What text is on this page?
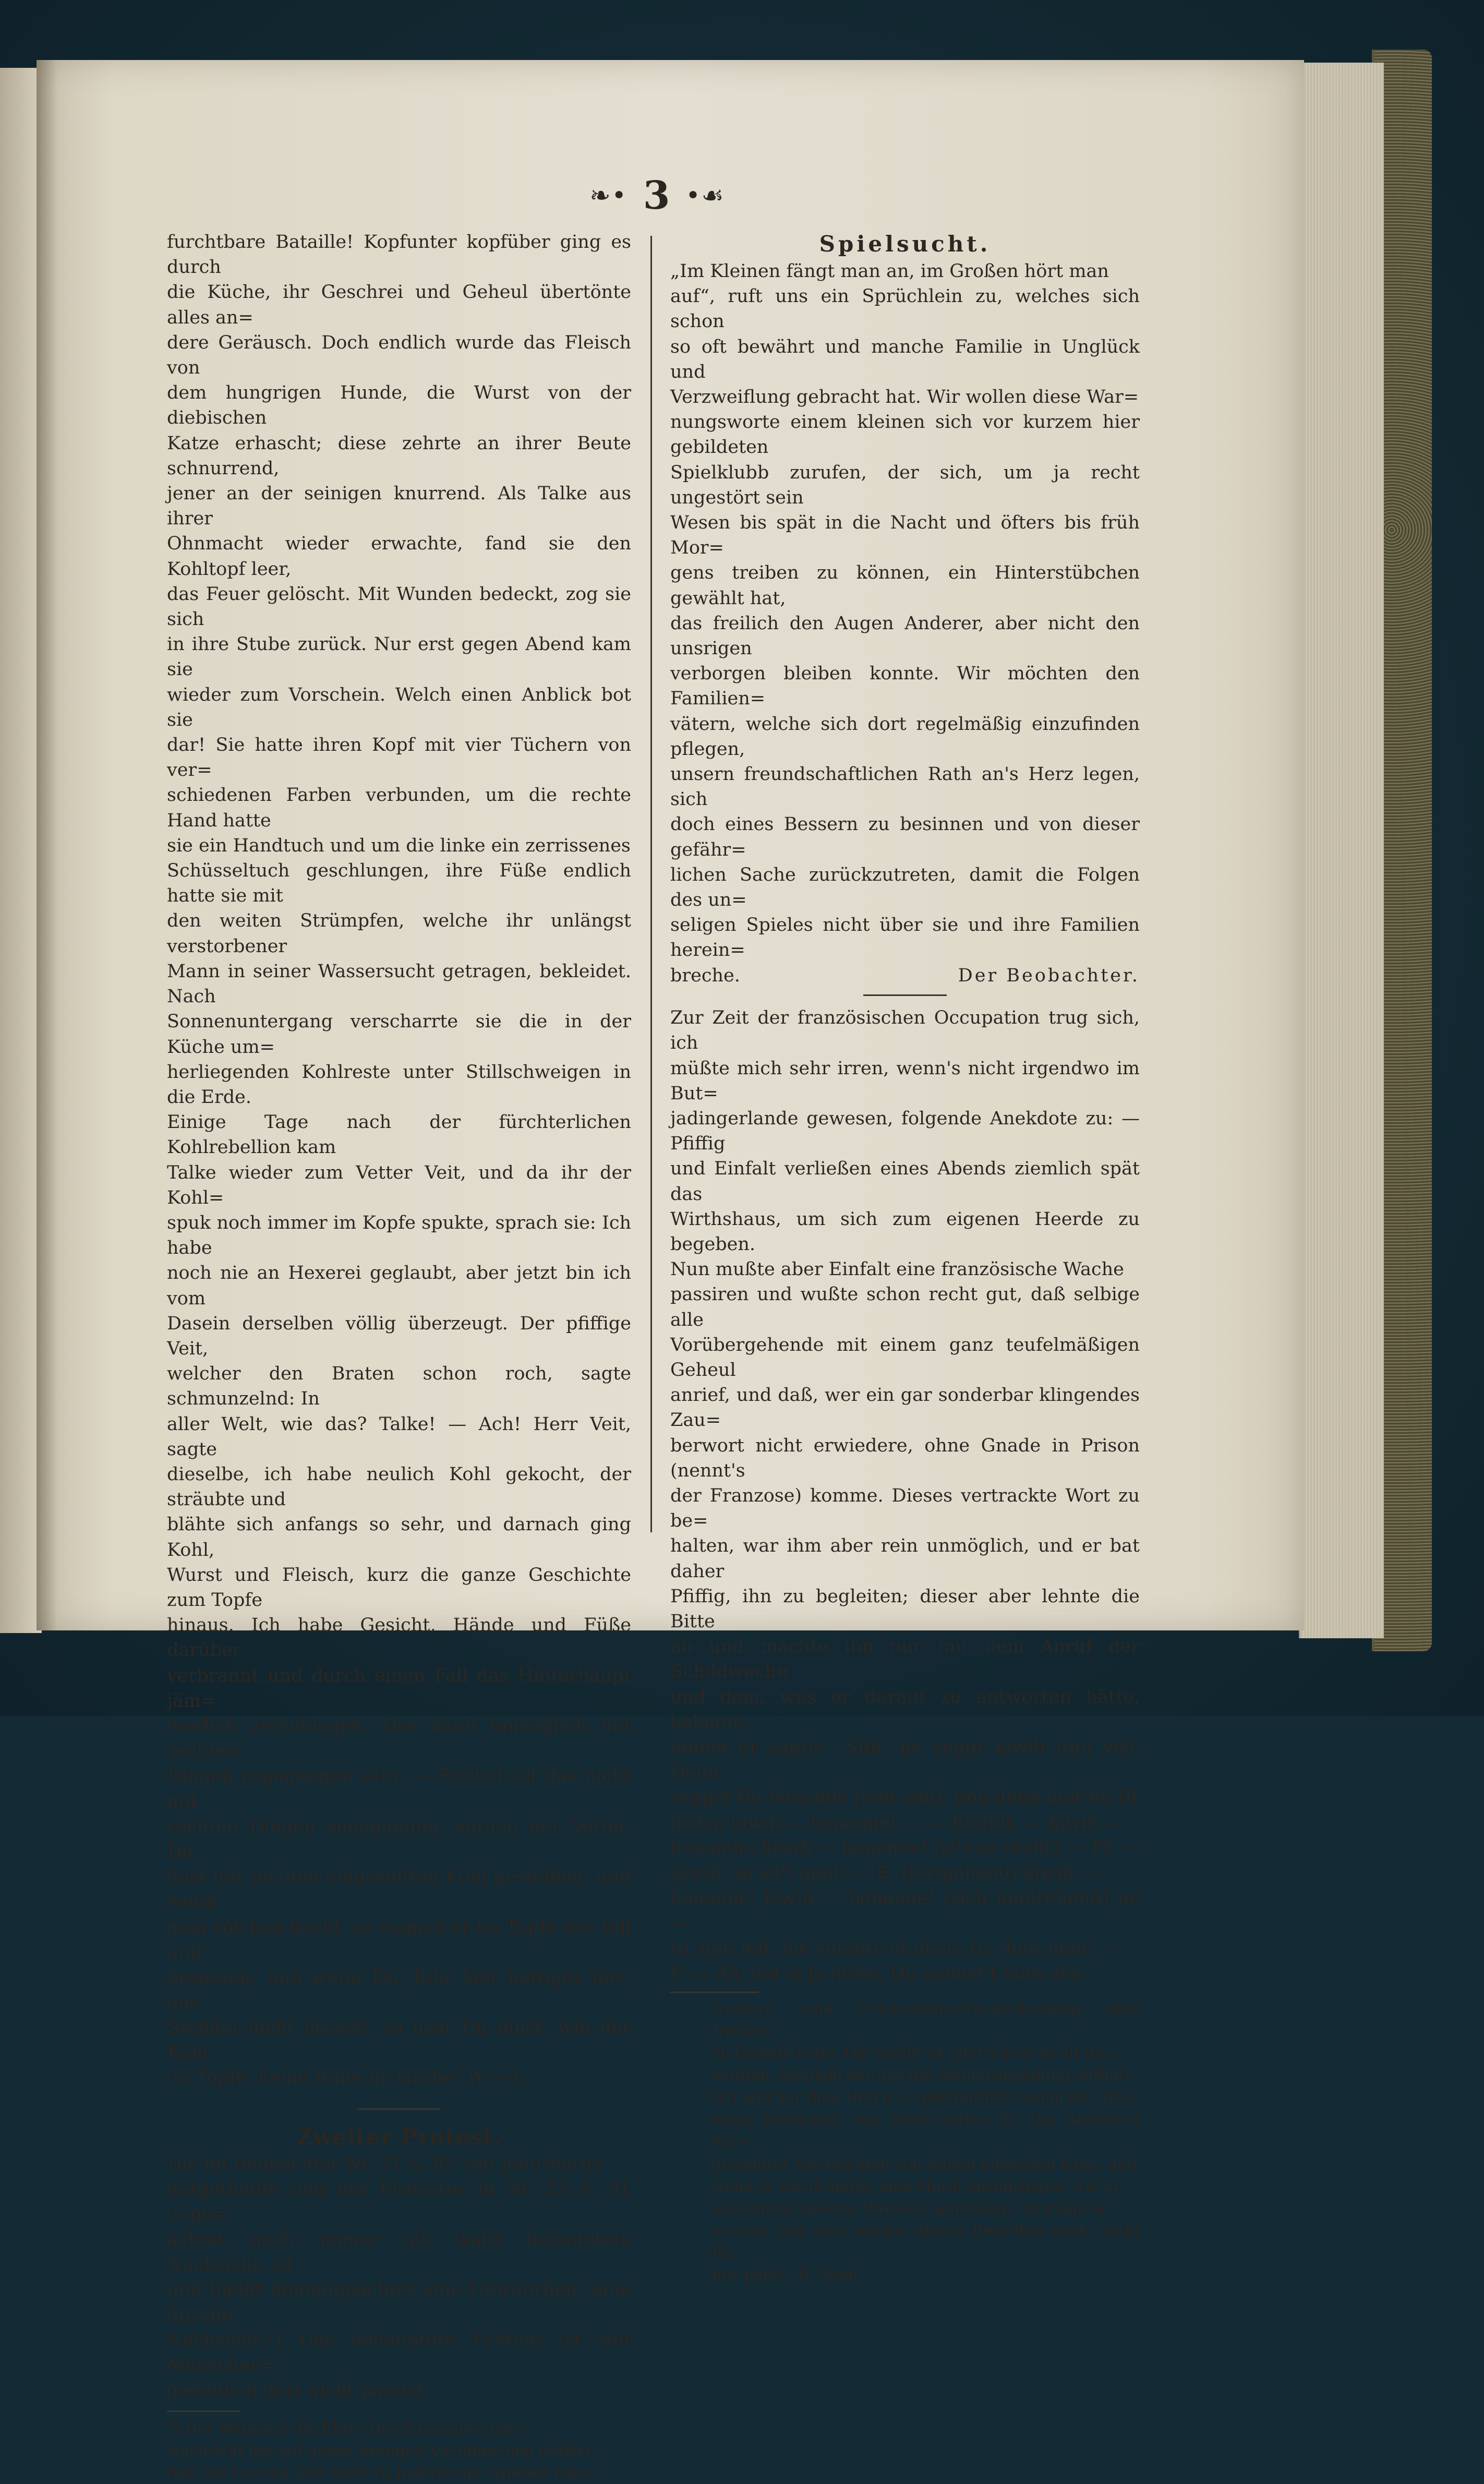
❧• 3 •☙

furchtbare Bataille! Kopfunter kopfüber ging es durch
die Küche, ihr Geschrei und Geheul übertönte alles an=
dere Geräusch. Doch endlich wurde das Fleisch von
dem hungrigen Hunde, die Wurst von der diebischen
Katze erhascht; diese zehrte an ihrer Beute schnurrend,
jener an der seinigen knurrend. Als Talke aus ihrer
Ohnmacht wieder erwachte, fand sie den Kohltopf leer,
das Feuer gelöscht. Mit Wunden bedeckt, zog sie sich
in ihre Stube zurück. Nur erst gegen Abend kam sie
wieder zum Vorschein. Welch einen Anblick bot sie
dar! Sie hatte ihren Kopf mit vier Tüchern von ver=
schiedenen Farben verbunden, um die rechte Hand hatte
sie ein Handtuch und um die linke ein zerrissenes
Schüsseltuch geschlungen, ihre Füße endlich hatte sie mit
den weiten Strümpfen, welche ihr unlängst verstorbener
Mann in seiner Wassersucht getragen, bekleidet. Nach
Sonnenuntergang verscharrte sie die in der Küche um=
herliegenden Kohlreste unter Stillschweigen in die Erde.
Einige Tage nach der fürchterlichen Kohlrebellion kam
Talke wieder zum Vetter Veit, und da ihr der Kohl=
spuk noch immer im Kopfe spukte, sprach sie: Ich habe
noch nie an Hexerei geglaubt, aber jetzt bin ich vom
Dasein derselben völlig überzeugt. Der pfiffige Veit,
welcher den Braten schon roch, sagte schmunzelnd: In
aller Welt, wie das? Talke! — Ach! Herr Veit, sagte
dieselbe, ich habe neulich Kohl gekocht, der sträubte und
blähte sich anfangs so sehr, und darnach ging Kohl,
Wurst und Fleisch, kurz die ganze Geschichte zum Topfe
hinaus. Ich habe Gesicht, Hände und Füße darüber
verbrannt und durch einen Fall das Hinterhaupt jäm=
merlich zerschlagen. Das kann unmöglich mit rechten
Dingen zugegangen sein. — Freilich ist das nicht mit
rechten Dingen zugegangen, sprach der Vetter. Du
hast mir meinen eingeseiften Kohl gestohlen, und wenn
man solchen kocht, so rumort er im Topfe wie toll und
besessen; und wenn Du, fuhr Veit heftiger fort, das
Stehlen nicht lässest, so hast Du einst, wie der Kohl
im Topfe, keine Ruhe im Grabe! W—st.

Zweiter Protest.

Die im Beobachter Nr. 21 S. 85 von Jaderberge
mitgetheilte und des Protestes in Nr. 23 S. 91 unge=
achtet noch immer als wahr behauptete Nachricht, ist
und bleibt demungeachtet eine Unwahrheit, eine falsche
Nachricht.*) Das behauptete Faktum ist seit Menschen=
gedenken dort nicht passirt.

*) Der Wahrheit die Ehre! Der Einsender jener
Nachricht hat auf unser strenges Nachforschen erklärt,
daß das Factum sich nicht zu Jaderberge ergeben habe,

Spielsucht.

„Im Kleinen fängt man an, im Großen hört man
auf“, ruft uns ein Sprüchlein zu, welches sich schon
so oft bewährt und manche Familie in Unglück und
Verzweiflung gebracht hat. Wir wollen diese War=
nungsworte einem kleinen sich vor kurzem hier gebildeten
Spielklubb zurufen, der sich, um ja recht ungestört sein
Wesen bis spät in die Nacht und öfters bis früh Mor=
gens treiben zu können, ein Hinterstübchen gewählt hat,
das freilich den Augen Anderer, aber nicht den unsrigen
verborgen bleiben konnte. Wir möchten den Familien=
vätern, welche sich dort regelmäßig einzufinden pflegen,
unsern freundschaftlichen Rath an's Herz legen, sich
doch eines Bessern zu besinnen und von dieser gefähr=
lichen Sache zurückzutreten, damit die Folgen des un=
seligen Spieles nicht über sie und ihre Familien herein=
breche.	Der Beobachter.

Zur Zeit der französischen Occupation trug sich, ich
müßte mich sehr irren, wenn's nicht irgendwo im But=
jadingerlande gewesen, folgende Anekdote zu: — Pfiffig
und Einfalt verließen eines Abends ziemlich spät das
Wirthshaus, um sich zum eigenen Heerde zu begeben.
Nun mußte aber Einfalt eine französische Wache
passiren und wußte schon recht gut, daß selbige alle
Vorübergehende mit einem ganz teufelmäßigen Geheul
anrief, und daß, wer ein gar sonderbar klingendes Zau=
berwort nicht erwiedere, ohne Gnade in Prison (nennt's
der Franzose) komme. Dieses vertrackte Wort zu be=
halten, war ihm aber rein unmöglich, und er bat daher
Pfiffig, ihn zu begleiten; dieser aber lehnte die Bitte
ab und machte ihn nur mit dem Anruf der Schildwache
und dem, was er darauf zu antworten hätte, bekannt,
indem er sagte: „Süh! he seggt kiwih (qui vit). Denn
seggst Du bonamie (bon ami), und denn deit he Di
nicks; kiwih — bonamie! — — Einfalt. — kiwih —
bonamie; kiwih — bonamie! ist's so recht? — Pf. —
Jawol, so ist't goot. — E. (fortgehend) kiwih —
bonamie; kiwih — bonamie! (sich umdrehend) ne —
to, gah mit, ick versäte et doch; to, doht man! —
P. — Ah, dat is jo nicks, Du kannst't man den

sondern eine Ortsnamens=Verwechselung dem Irrthum
zu Grunde liege. Die Sache ist jetzt schon zu alt ge=
worden, weshalb wir uns der Namensnennung enthal=
ten und nur dem Herrn G. gelegentlich bemerken, daß
keine Redaktion von Zeitschriften für die Aechtheit ein=
gesandter Nachrichten von Außen einstehen kann, und
wenn es ihn drängte, eine Moral anzubringen, wie er
sie seinem zweiten Proteste angehängt, so möge er
wissen, daß eine solche, klaren Begriffen nach, nicht für
uns paßte. D. Beob.
